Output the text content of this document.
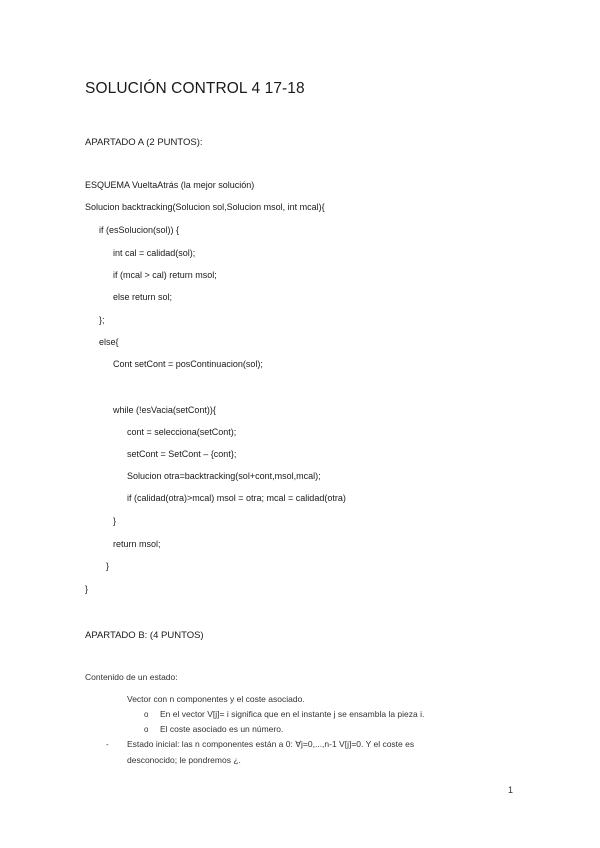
SOLUCIÓN CONTROL 4 17-18
APARTADO A (2 PUNTOS):
ESQUEMA VueltaAtrás (la mejor solución)
Solucion backtracking(Solucion sol,Solucion msol, int mcal){
if (esSolucion(sol)) {
int cal = calidad(sol);
if (mcal > cal) return msol;
else return sol;
};
else{
Cont setCont = posContinuacion(sol);
while (!esVacia(setCont)){
cont = selecciona(setCont);
setCont = SetCont – {cont};
Solucion otra=backtracking(sol+cont,msol,mcal);
if (calidad(otra)>mcal) msol = otra; mcal = calidad(otra)
}
return msol;
}
}
APARTADO B: (4 PUNTOS)
Contenido de un estado:
Vector con n componentes y el coste asociado.
o En el vector V[j]= i significa que en el instante j se ensambla la pieza i.
o El coste asociado es un número.
- Estado inicial: las n componentes están a 0: ∀j=0,...,n-1 V[j]=0. Y el coste es
desconocido; le pondremos ¿.
1
